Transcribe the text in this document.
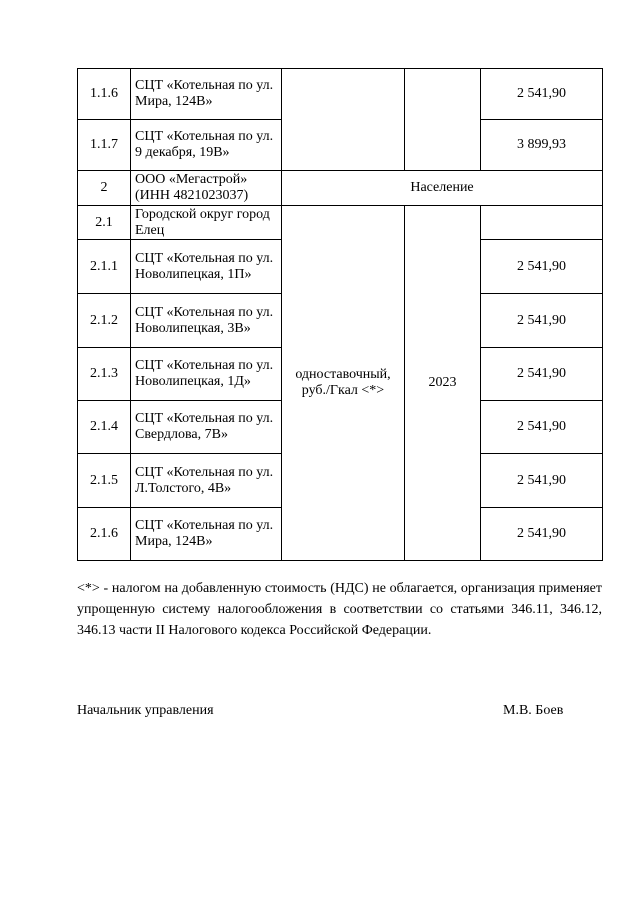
1.1.6	СЦТ «Котельная по ул. Мира, 124В»			2 541,90
1.1.7	СЦТ «Котельная по ул. 9 декабря, 19В»			3 899,93
2	ООО «Мегастрой» (ИНН 4821023037)	Население		
2.1	Городской округ город Елец	одноставочный, руб./Гкал <*>	2023	
2.1.1	СЦТ «Котельная по ул. Новолипецкая, 1П»			2 541,90
2.1.2	СЦТ «Котельная по ул. Новолипецкая, 3В»			2 541,90
2.1.3	СЦТ «Котельная по ул. Новолипецкая, 1Д»			2 541,90
2.1.4	СЦТ «Котельная по ул. Свердлова, 7В»			2 541,90
2.1.5	СЦТ «Котельная по ул. Л.Толстого, 4В»			2 541,90
2.1.6	СЦТ «Котельная по ул. Мира, 124В»			2 541,90

<*> - налогом на добавленную стоимость (НДС) не облагается, организация применяет упрощенную систему налогообложения в соответствии со статьями 346.11, 346.12, 346.13 части II Налогового кодекса Российской Федерации.

Начальник управления	М.В. Боев
